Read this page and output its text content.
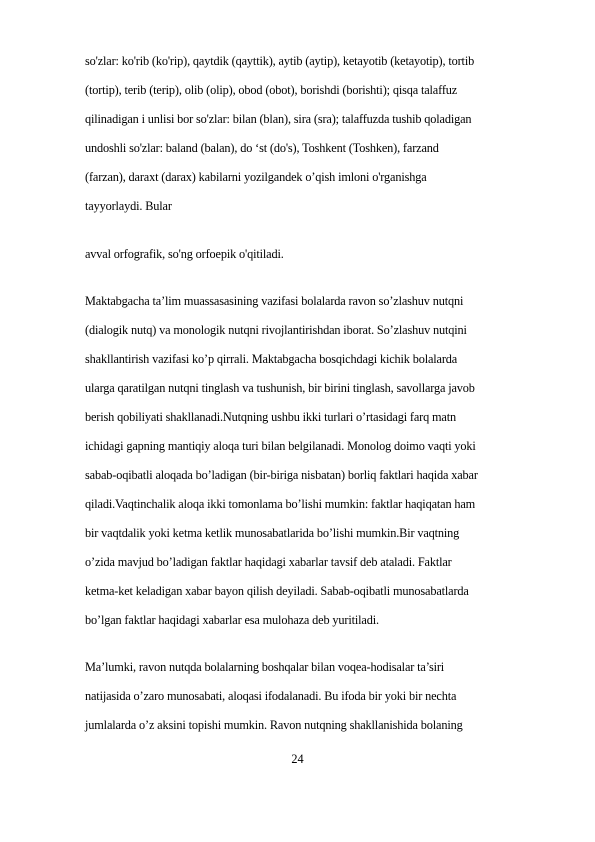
so'zlar: ko'rib (ko'rip), qaytdik (qayttik), aytib (aytip), ketayotib (ketayotip), tortib
(tortip), terib (terip), olib (olip), obod (obot), borishdi (borishti); qisqa talaffuz
qilinadigan i unlisi bor so'zlar: bilan (blan), sira (sra); talaffuzda tushib qoladigan
undoshli so'zlar: baland (balan), do ‘st (do's), Toshkent (Toshken), farzand
(farzan), daraxt (darax) kabilarni yozilgandek o’qish imloni o'rganishga
tayyorlaydi. Bular
avval orfografik, so'ng orfoepik o'qitiladi.
Maktabgacha ta’lim muassasasining vazifasi bolalarda ravon so’zlashuv nutqni
(dialogik nutq) va monologik nutqni rivojlantirishdan iborat. So’zlashuv nutqini
shakllantirish vazifasi ko’p qirrali. Maktabgacha bosqichdagi kichik bolalarda
ularga qaratilgan nutqni tinglash va tushunish, bir birini tinglash, savollarga javob
berish qobiliyati shakllanadi.Nutqning ushbu ikki turlari o’rtasidagi farq matn
ichidagi gapning mantiqiy aloqa turi bilan belgilanadi. Monolog doimo vaqti yoki
sabab-oqibatli aloqada bo’ladigan (bir-biriga nisbatan) borliq faktlari haqida xabar
qiladi.Vaqtinchalik aloqa ikki tomonlama bo’lishi mumkin: faktlar haqiqatan ham
bir vaqtdalik yoki ketma ketlik munosabatlarida bo’lishi mumkin.Bir vaqtning
o’zida mavjud bo’ladigan faktlar haqidagi xabarlar tavsif deb ataladi. Faktlar
ketma-ket keladigan xabar bayon qilish deyiladi. Sabab-oqibatli munosabatlarda
bo’lgan faktlar haqidagi xabarlar esa mulohaza deb yuritiladi.
Ma’lumki, ravon nutqda bolalarning boshqalar bilan voqea-hodisalar ta’siri
natijasida o’zaro munosabati, aloqasi ifodalanadi. Bu ifoda bir yoki bir nechta
jumlalarda o’z aksini topishi mumkin. Ravon nutqning shakllanishida bolaning
24
